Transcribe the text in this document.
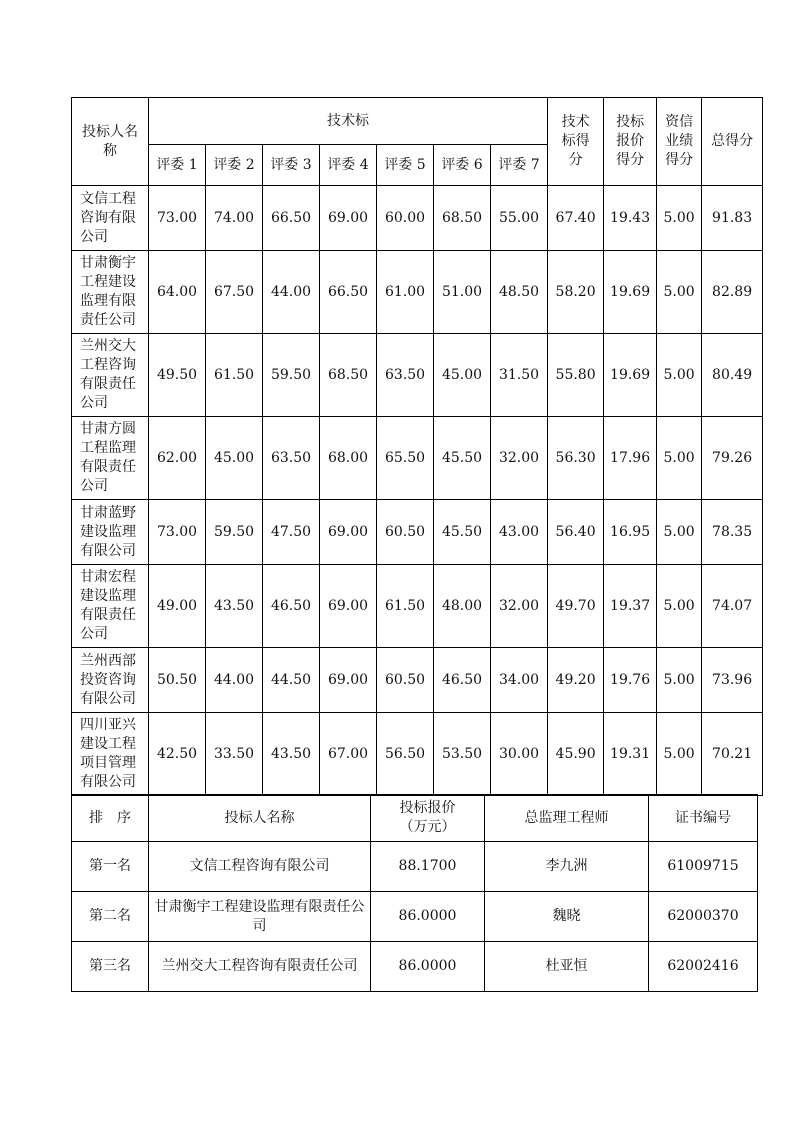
投标人名称	技术标							技术标得分	投标报价得分	资信业绩得分	总得分
	评委 1	评委 2	评委 3	评委 4	评委 5	评委 6	评委 7				

文信工程咨询有限公司	73.00	74.00	66.50	69.00	60.00	68.50	55.00	67.40	19.43	5.00	91.83

甘肃衡宇工程建设监理有限责任公司	64.00	67.50	44.00	66.50	61.00	51.00	48.50	58.20	19.69	5.00	82.89

兰州交大工程咨询有限责任公司	49.50	61.50	59.50	68.50	63.50	45.00	31.50	55.80	19.69	5.00	80.49

甘肃方圆工程监理有限责任公司	62.00	45.00	63.50	68.00	65.50	45.50	32.00	56.30	17.96	5.00	79.26

甘肃蓝野建设监理有限公司	73.00	59.50	47.50	69.00	60.50	45.50	43.00	56.40	16.95	5.00	78.35

甘肃宏程建设监理有限责任公司	49.00	43.50	46.50	69.00	61.50	48.00	32.00	49.70	19.37	5.00	74.07

兰州西部投资咨询有限公司	50.50	44.00	44.50	69.00	60.50	46.50	34.00	49.20	19.76	5.00	73.96

四川亚兴建设工程项目管理有限公司	42.50	33.50	43.50	67.00	56.50	53.50	30.00	45.90	19.31	5.00	70.21
排　序	投标人名称	投标报价（万元）	总监理工程师	证书编号
第一名	文信工程咨询有限公司	88.1700	李九洲	61009715
第二名	甘肃衡宇工程建设监理有限责任公司	86.0000	魏晓	62000370
第三名	兰州交大工程咨询有限责任公司	86.0000	杜亚恒	62002416
